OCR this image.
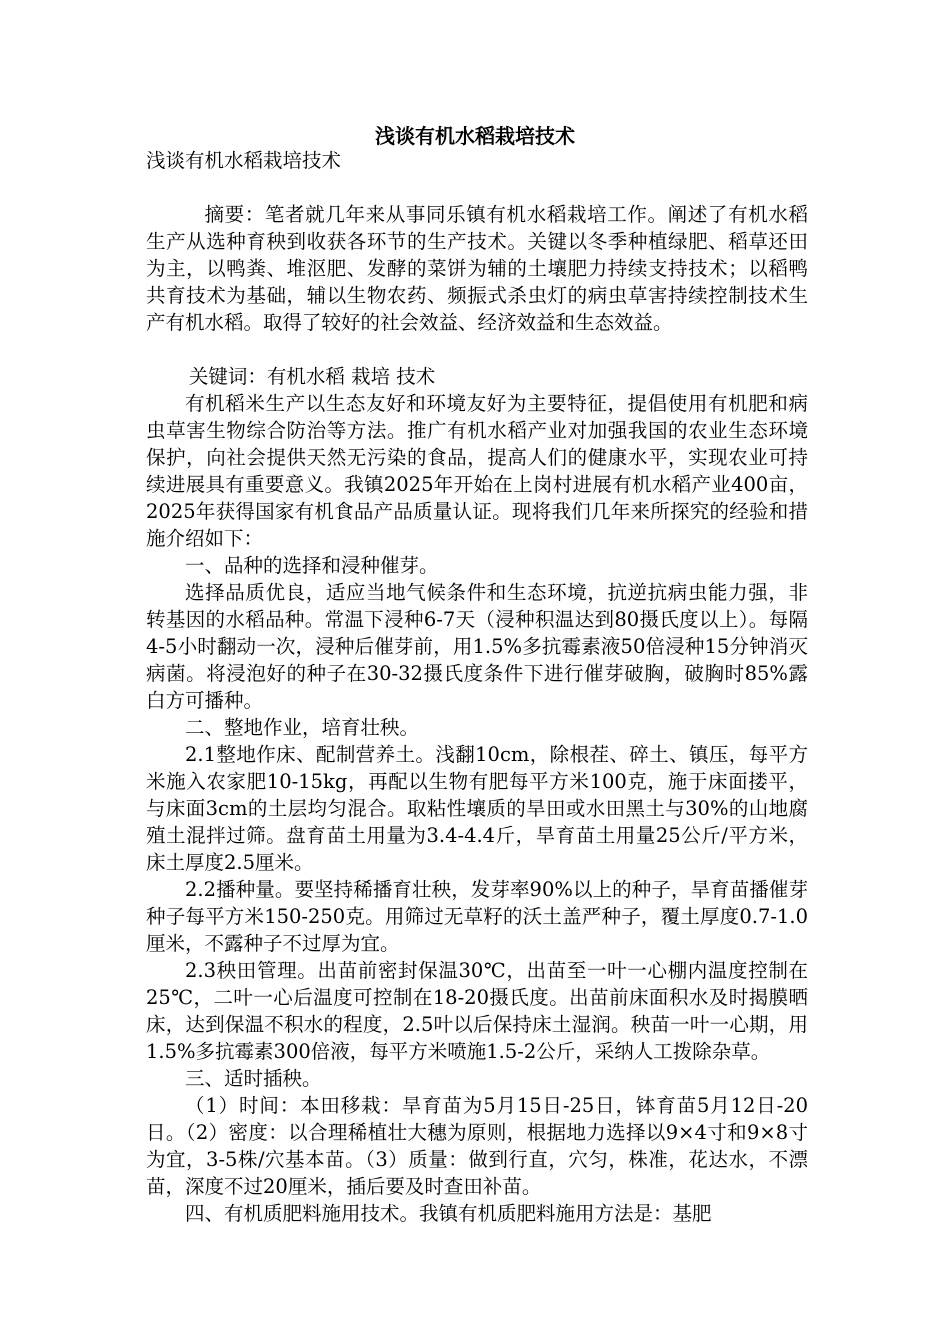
浅谈有机水稻栽培技术

浅谈有机水稻栽培技术

摘要：笔者就几年来从事同乐镇有机水稻栽培工作。阐述了有机水稻生产从选种育秧到收获各环节的生产技术。关键以冬季种植绿肥、稻草还田为主，以鸭粪、堆沤肥、发酵的菜饼为辅的土壤肥力持续支持技术；以稻鸭共育技术为基础，辅以生物农药、频振式杀虫灯的病虫草害持续控制技术生产有机水稻。取得了较好的社会效益、经济效益和生态效益。

关键词：有机水稻 栽培 技术

有机稻米生产以生态友好和环境友好为主要特征，提倡使用有机肥和病虫草害生物综合防治等方法。推广有机水稻产业对加强我国的农业生态环境保护，向社会提供天然无污染的食品，提高人们的健康水平，实现农业可持续进展具有重要意义。我镇2025年开始在上岗村进展有机水稻产业400亩，2025年获得国家有机食品产品质量认证。现将我们几年来所探究的经验和措施介绍如下：

一、品种的选择和浸种催芽。

选择品质优良，适应当地气候条件和生态环境，抗逆抗病虫能力强，非转基因的水稻品种。常温下浸种6-7天（浸种积温达到80摄氏度以上）。每隔4-5小时翻动一次，浸种后催芽前，用1.5%多抗霉素液50倍浸种15分钟消灭病菌。将浸泡好的种子在30-32摄氏度条件下进行催芽破胸，破胸时85%露白方可播种。

二、整地作业，培育壮秧。

2.1整地作床、配制营养土。浅翻10cm，除根茬、碎土、镇压，每平方米施入农家肥10-15kg，再配以生物有肥每平方米100克，施于床面搂平，与床面3cm的土层均匀混合。取粘性壤质的旱田或水田黑土与30%的山地腐殖土混拌过筛。盘育苗土用量为3.4-4.4斤，旱育苗土用量25公斤/平方米，床土厚度2.5厘米。

2.2播种量。要坚持稀播育壮秧，发芽率90%以上的种子，旱育苗播催芽种子每平方米150-250克。用筛过无草籽的沃土盖严种子，覆土厚度0.7-1.0厘米，不露种子不过厚为宜。

2.3秧田管理。出苗前密封保温30℃，出苗至一叶一心棚内温度控制在25℃，二叶一心后温度可控制在18-20摄氏度。出苗前床面积水及时揭膜晒床，达到保温不积水的程度，2.5叶以后保持床土湿润。秧苗一叶一心期，用1.5%多抗霉素300倍液，每平方米喷施1.5-2公斤，采纳人工拨除杂草。

三、适时插秧。

（1）时间：本田移栽：旱育苗为5月15日-25日，钵育苗5月12日-20日。（2）密度：以合理稀植壮大穗为原则，根据地力选择以9×4寸和9×8寸为宜，3-5株/穴基本苗。（3）质量：做到行直，穴匀，株准，花达水，不漂苗，深度不过20厘米，插后要及时查田补苗。

四、有机质肥料施用技术。我镇有机质肥料施用方法是：基肥
